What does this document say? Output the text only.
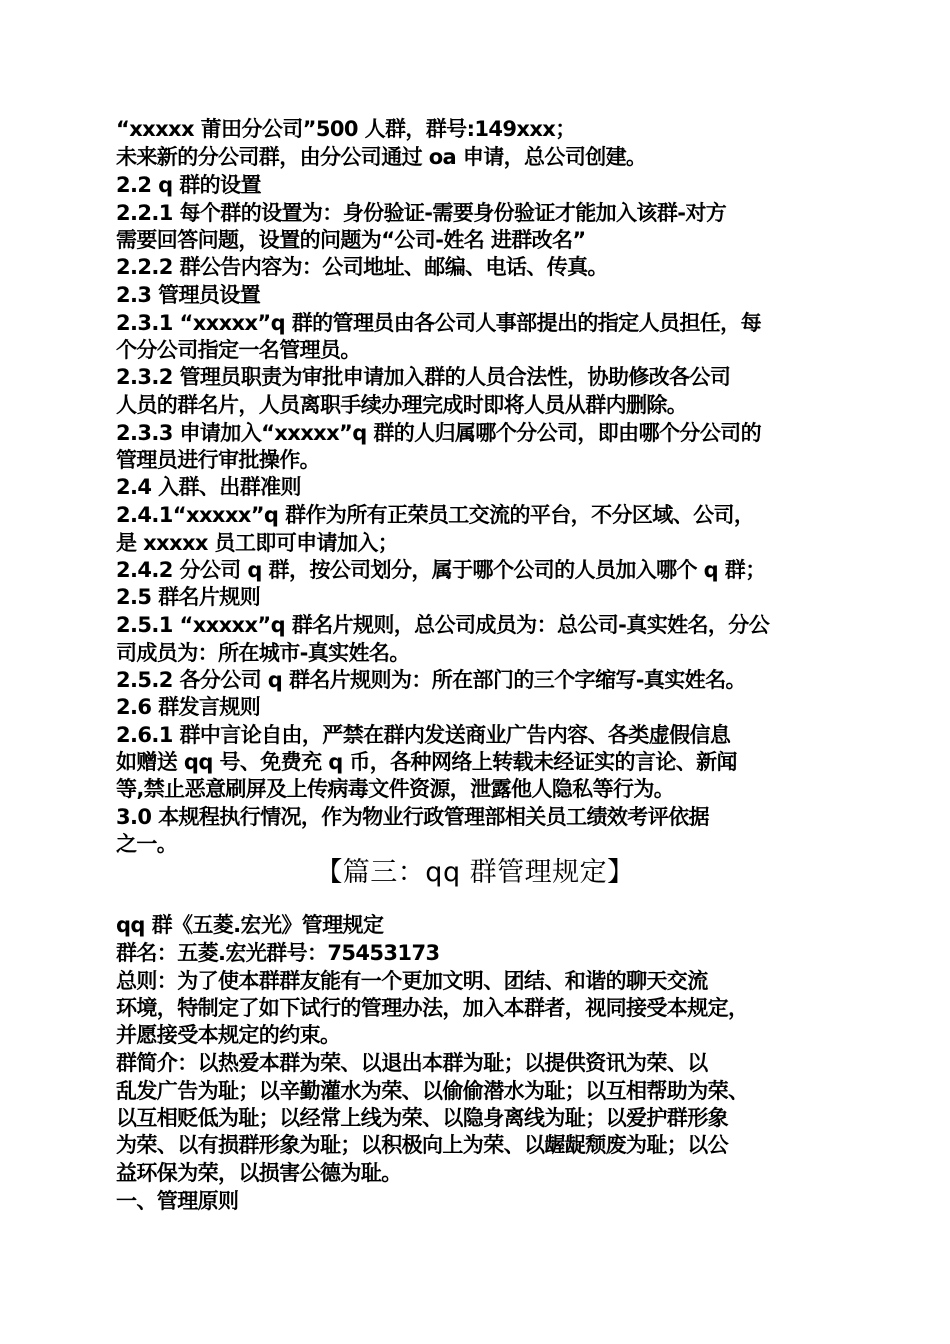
“xxxxx 莆田分公司”500 人群，群号:149xxx；
未来新的分公司群，由分公司通过 oa 申请，总公司创建。
2.2 q 群的设置
2.2.1 每个群的设置为：身份验证-需要身份验证才能加入该群-对方
需要回答问题，设置的问题为“公司-姓名 进群改名”
2.2.2 群公告内容为：公司地址、邮编、电话、传真。
2.3 管理员设置
2.3.1 “xxxxx”q 群的管理员由各公司人事部提出的指定人员担任，每
个分公司指定一名管理员。
2.3.2 管理员职责为审批申请加入群的人员合法性，协助修改各公司
人员的群名片，人员离职手续办理完成时即将人员从群内删除。
2.3.3 申请加入“xxxxx”q 群的人归属哪个分公司，即由哪个分公司的
管理员进行审批操作。
2.4 入群、出群准则
2.4.1“xxxxx”q 群作为所有正荣员工交流的平台，不分区域、公司，
是 xxxxx 员工即可申请加入；
2.4.2 分公司 q 群，按公司划分，属于哪个公司的人员加入哪个 q 群；
2.5 群名片规则
2.5.1 “xxxxx”q 群名片规则，总公司成员为：总公司-真实姓名，分公
司成员为：所在城市-真实姓名。
2.5.2 各分公司 q 群名片规则为：所在部门的三个字缩写-真实姓名。
2.6 群发言规则
2.6.1 群中言论自由，严禁在群内发送商业广告内容、各类虚假信息
如赠送 qq 号、免费充 q 币，各种网络上转载未经证实的言论、新闻
等,禁止恶意刷屏及上传病毒文件资源，泄露他人隐私等行为。
3.0 本规程执行情况，作为物业行政管理部相关员工绩效考评依据
之一。
【篇三：qq 群管理规定】
qq 群《五菱.宏光》管理规定
群名：五菱.宏光群号：75453173
总则：为了使本群群友能有一个更加文明、团结、和谐的聊天交流
环境，特制定了如下试行的管理办法，加入本群者，视同接受本规定，
并愿接受本规定的约束。
群简介：以热爱本群为荣、以退出本群为耻；以提供资讯为荣、以
乱发广告为耻；以辛勤灌水为荣、以偷偷潜水为耻；以互相帮助为荣、
以互相贬低为耻；以经常上线为荣、以隐身离线为耻；以爱护群形象
为荣、以有损群形象为耻；以积极向上为荣、以龌龊颓废为耻；以公
益环保为荣，以损害公德为耻。
一、管理原则
